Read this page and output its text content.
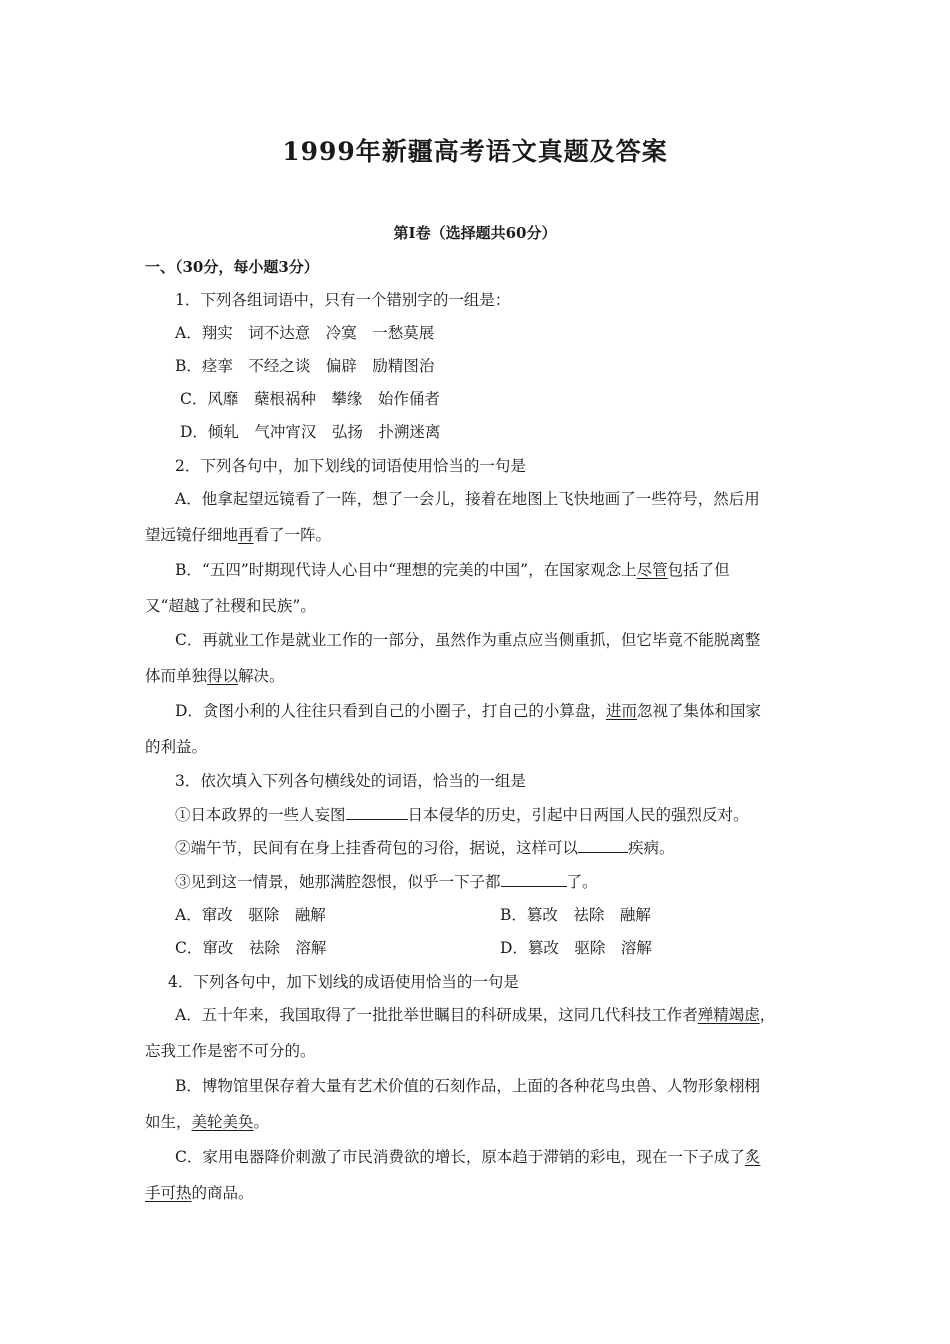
1999年新疆高考语文真题及答案
第Ⅰ卷（选择题共60分）
一、（30分，每小题3分）
1．下列各组词语中，只有一个错别字的一组是：
A．翔实　词不达意　冷寞　一愁莫展
B．痉挛　不经之谈　偏辟　励精图治
C．风靡　蘖根祸种　攀缘　始作俑者
D．倾轧　气冲宵汉　弘扬　扑溯迷离
2．下列各句中，加下划线的词语使用恰当的一句是
A．他拿起望远镜看了一阵，想了一会儿，接着在地图上飞快地画了一些符号，然后用
望远镜仔细地再看了一阵。
B．“五四”时期现代诗人心目中“理想的完美的中国”，在国家观念上尽管包括了但
又“超越了社稷和民族”。
C．再就业工作是就业工作的一部分，虽然作为重点应当侧重抓，但它毕竟不能脱离整
体而单独得以解决。
D．贪图小利的人往往只看到自己的小圈子，打自己的小算盘，进而忽视了集体和国家
的利益。
3．依次填入下列各句横线处的词语，恰当的一组是
①日本政界的一些人妄图	日本侵华的历史，引起中日两国人民的强烈反对。
②端午节，民间有在身上挂香荷包的习俗，据说，这样可以	疾病。
③见到这一情景，她那满腔怨恨，似乎一下子都	了。
A．窜改　驱除　融解	B．篡改　祛除　融解
C．窜改　祛除　溶解	D．篡改　驱除　溶解
4．下列各句中，加下划线的成语使用恰当的一句是
A．五十年来，我国取得了一批批举世瞩目的科研成果，这同几代科技工作者殚精竭虑，
忘我工作是密不可分的。
B．博物馆里保存着大量有艺术价值的石刻作品，上面的各种花鸟虫兽、人物形象栩栩
如生，美轮美奂。
C．家用电器降价刺激了市民消费欲的增长，原本趋于滞销的彩电，现在一下子成了炙
手可热的商品。
